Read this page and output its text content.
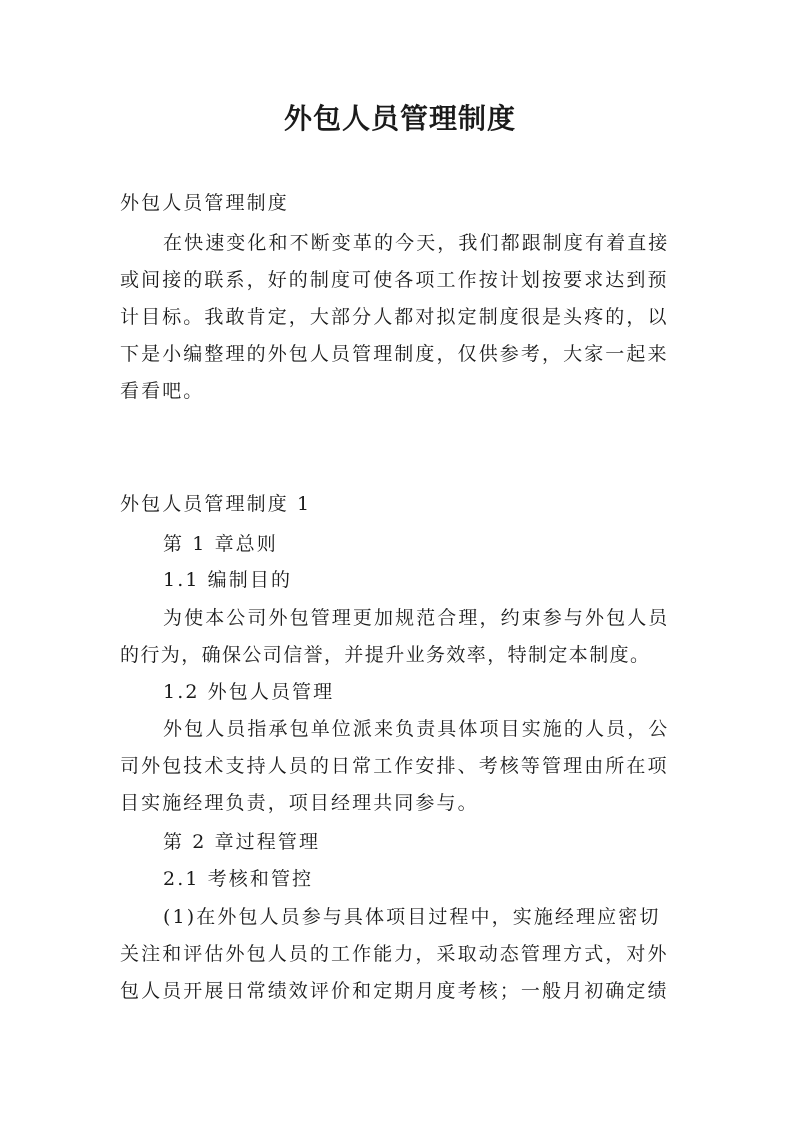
外包人员管理制度
外包人员管理制度
在快速变化和不断变革的今天，我们都跟制度有着直接
或间接的联系，好的制度可使各项工作按计划按要求达到预
计目标。我敢肯定，大部分人都对拟定制度很是头疼的，以
下是小编整理的外包人员管理制度，仅供参考，大家一起来
看看吧。
外包人员管理制度 1
第 1 章总则
1.1 编制目的
为使本公司外包管理更加规范合理，约束参与外包人员
的行为，确保公司信誉，并提升业务效率，特制定本制度。
1.2 外包人员管理
外包人员指承包单位派来负责具体项目实施的人员，公
司外包技术支持人员的日常工作安排、考核等管理由所在项
目实施经理负责，项目经理共同参与。
第 2 章过程管理
2.1 考核和管控
(1)在外包人员参与具体项目过程中，实施经理应密切
关注和评估外包人员的工作能力，采取动态管理方式，对外
包人员开展日常绩效评价和定期月度考核；一般月初确定绩
